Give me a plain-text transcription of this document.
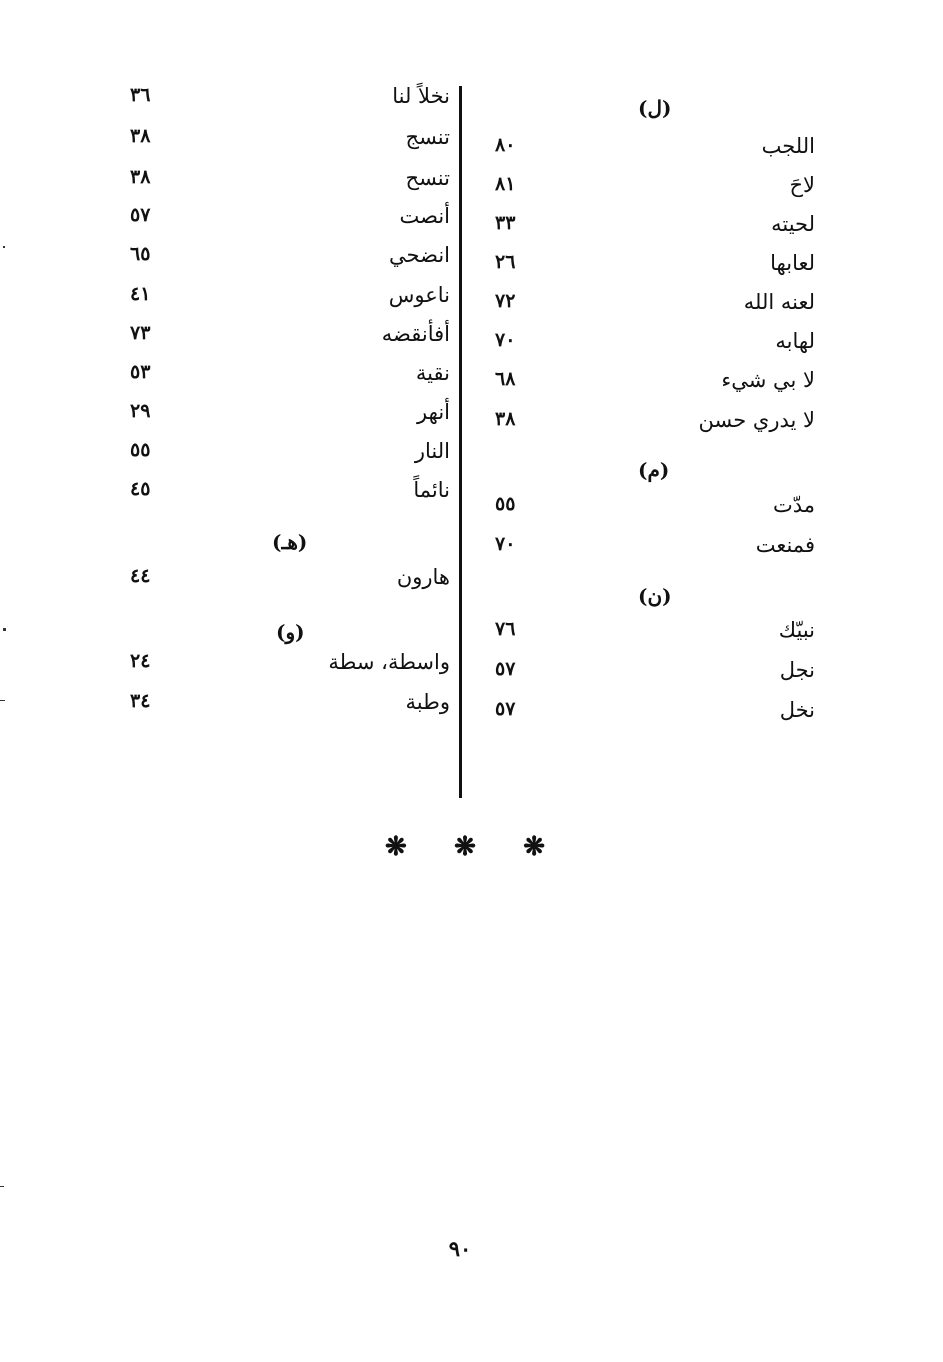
(ل)
اللجب
٨٠
لاحَ
٨١
لحيته
٣٣
لعابها
٢٦
لعنه الله
٧٢
لهابه
٧٠
لا بي شيء
٦٨
لا يدري حسن
٣٨
(م)
مدّت
٥٥
فمنعت
٧٠
(ن)
نبيّك
٧٦
نجل
٥٧
نخل
٥٧
نخلاً لنا
٣٦
تنسج
٣٨
تنسح
٣٨
أنصت
٥٧
انضحي
٦٥
ناعوس
٤١
أفأنقضه
٧٣
نقية
٥٣
أنهر
٢٩
النار
٥٥
نائماً
٤٥
(هـ)
هارون
٤٤
(و)
واسطة، سطة
٢٤
وطبة
٣٤
❋ ❋ ❋
٩٠
